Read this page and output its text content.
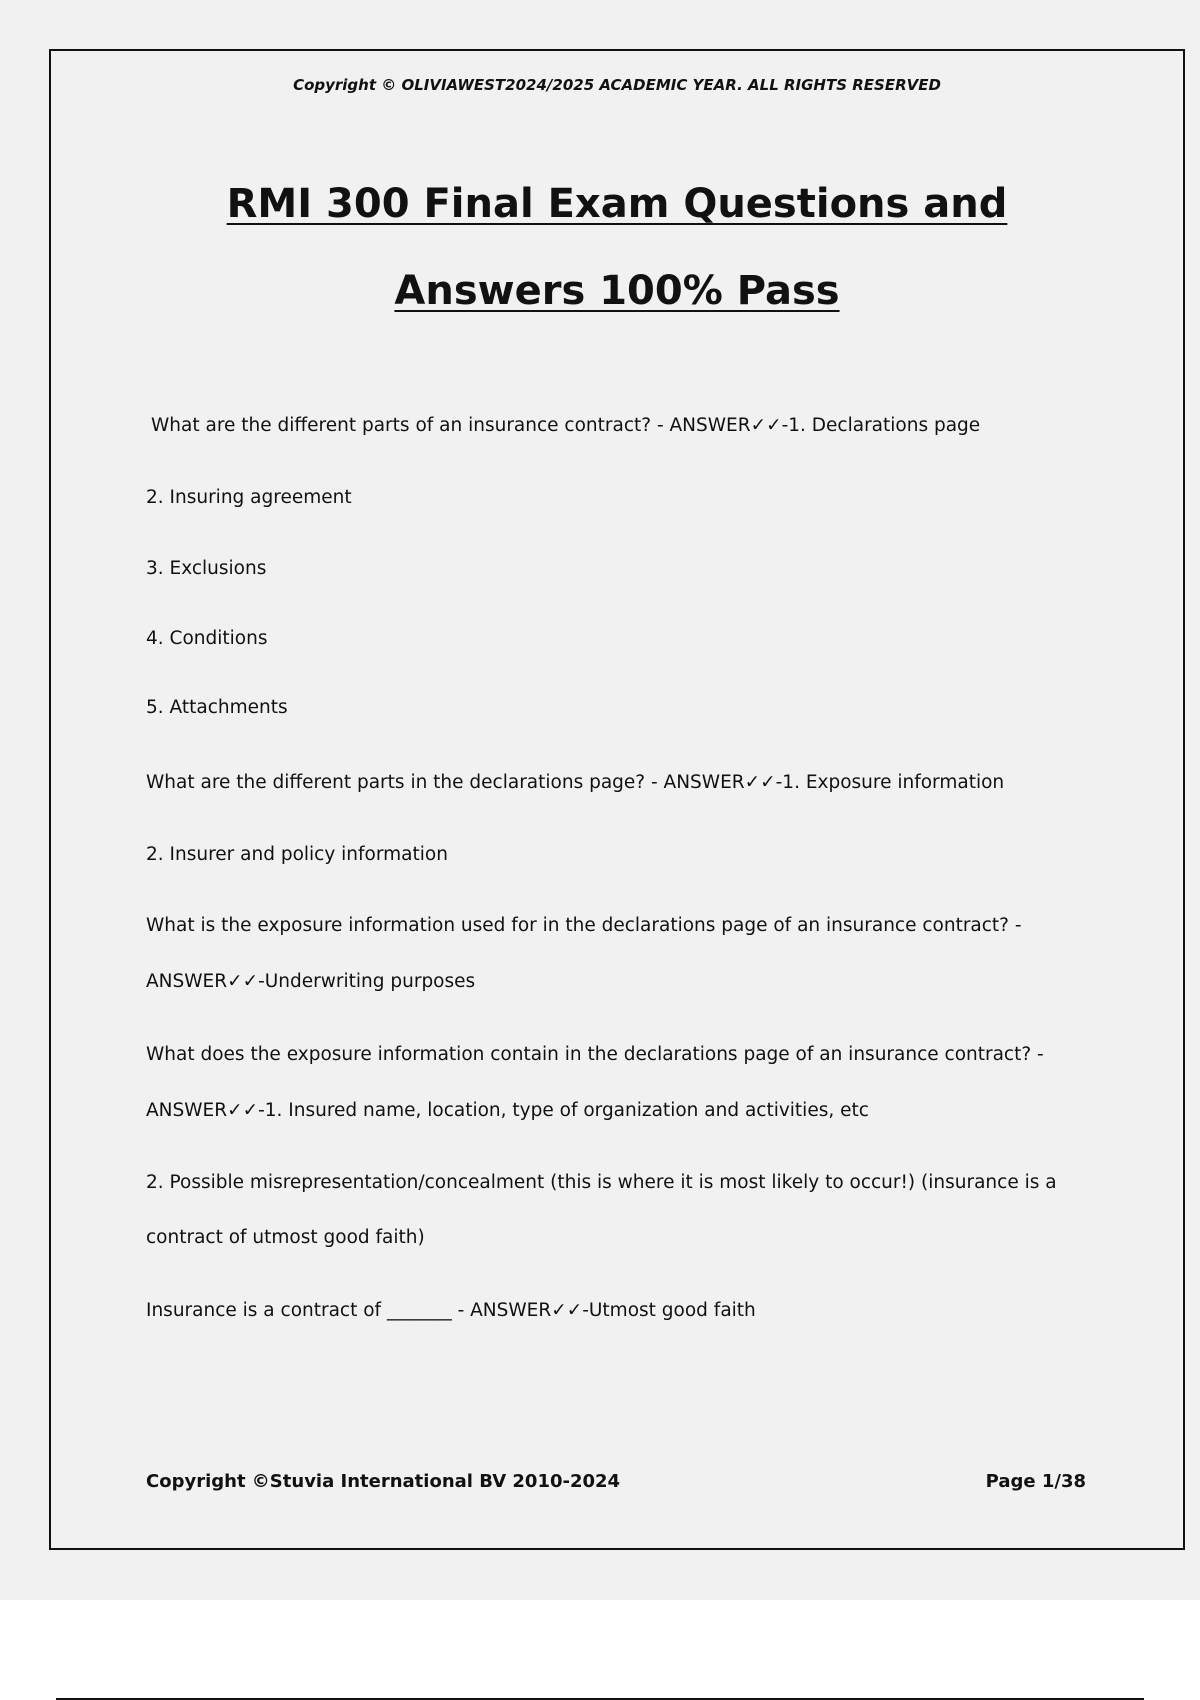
Copyright © OLIVIAWEST2024/2025 ACADEMIC YEAR. ALL RIGHTS RESERVED
RMI 300 Final Exam Questions and
Answers 100% Pass

What are the different parts of an insurance contract? - ANSWER✓✓-1. Declarations page

2. Insuring agreement

3. Exclusions

4. Conditions

5. Attachments

What are the different parts in the declarations page? - ANSWER✓✓-1. Exposure information

2. Insurer and policy information

What is the exposure information used for in the declarations page of an insurance contract? -

ANSWER✓✓-Underwriting purposes

What does the exposure information contain in the declarations page of an insurance contract? -

ANSWER✓✓-1. Insured name, location, type of organization and activities, etc

2. Possible misrepresentation/concealment (this is where it is most likely to occur!) (insurance is a

contract of utmost good faith)

Insurance is a contract of _______ - ANSWER✓✓-Utmost good faith

Copyright ©Stuvia International BV 2010-2024	Page 1/38
